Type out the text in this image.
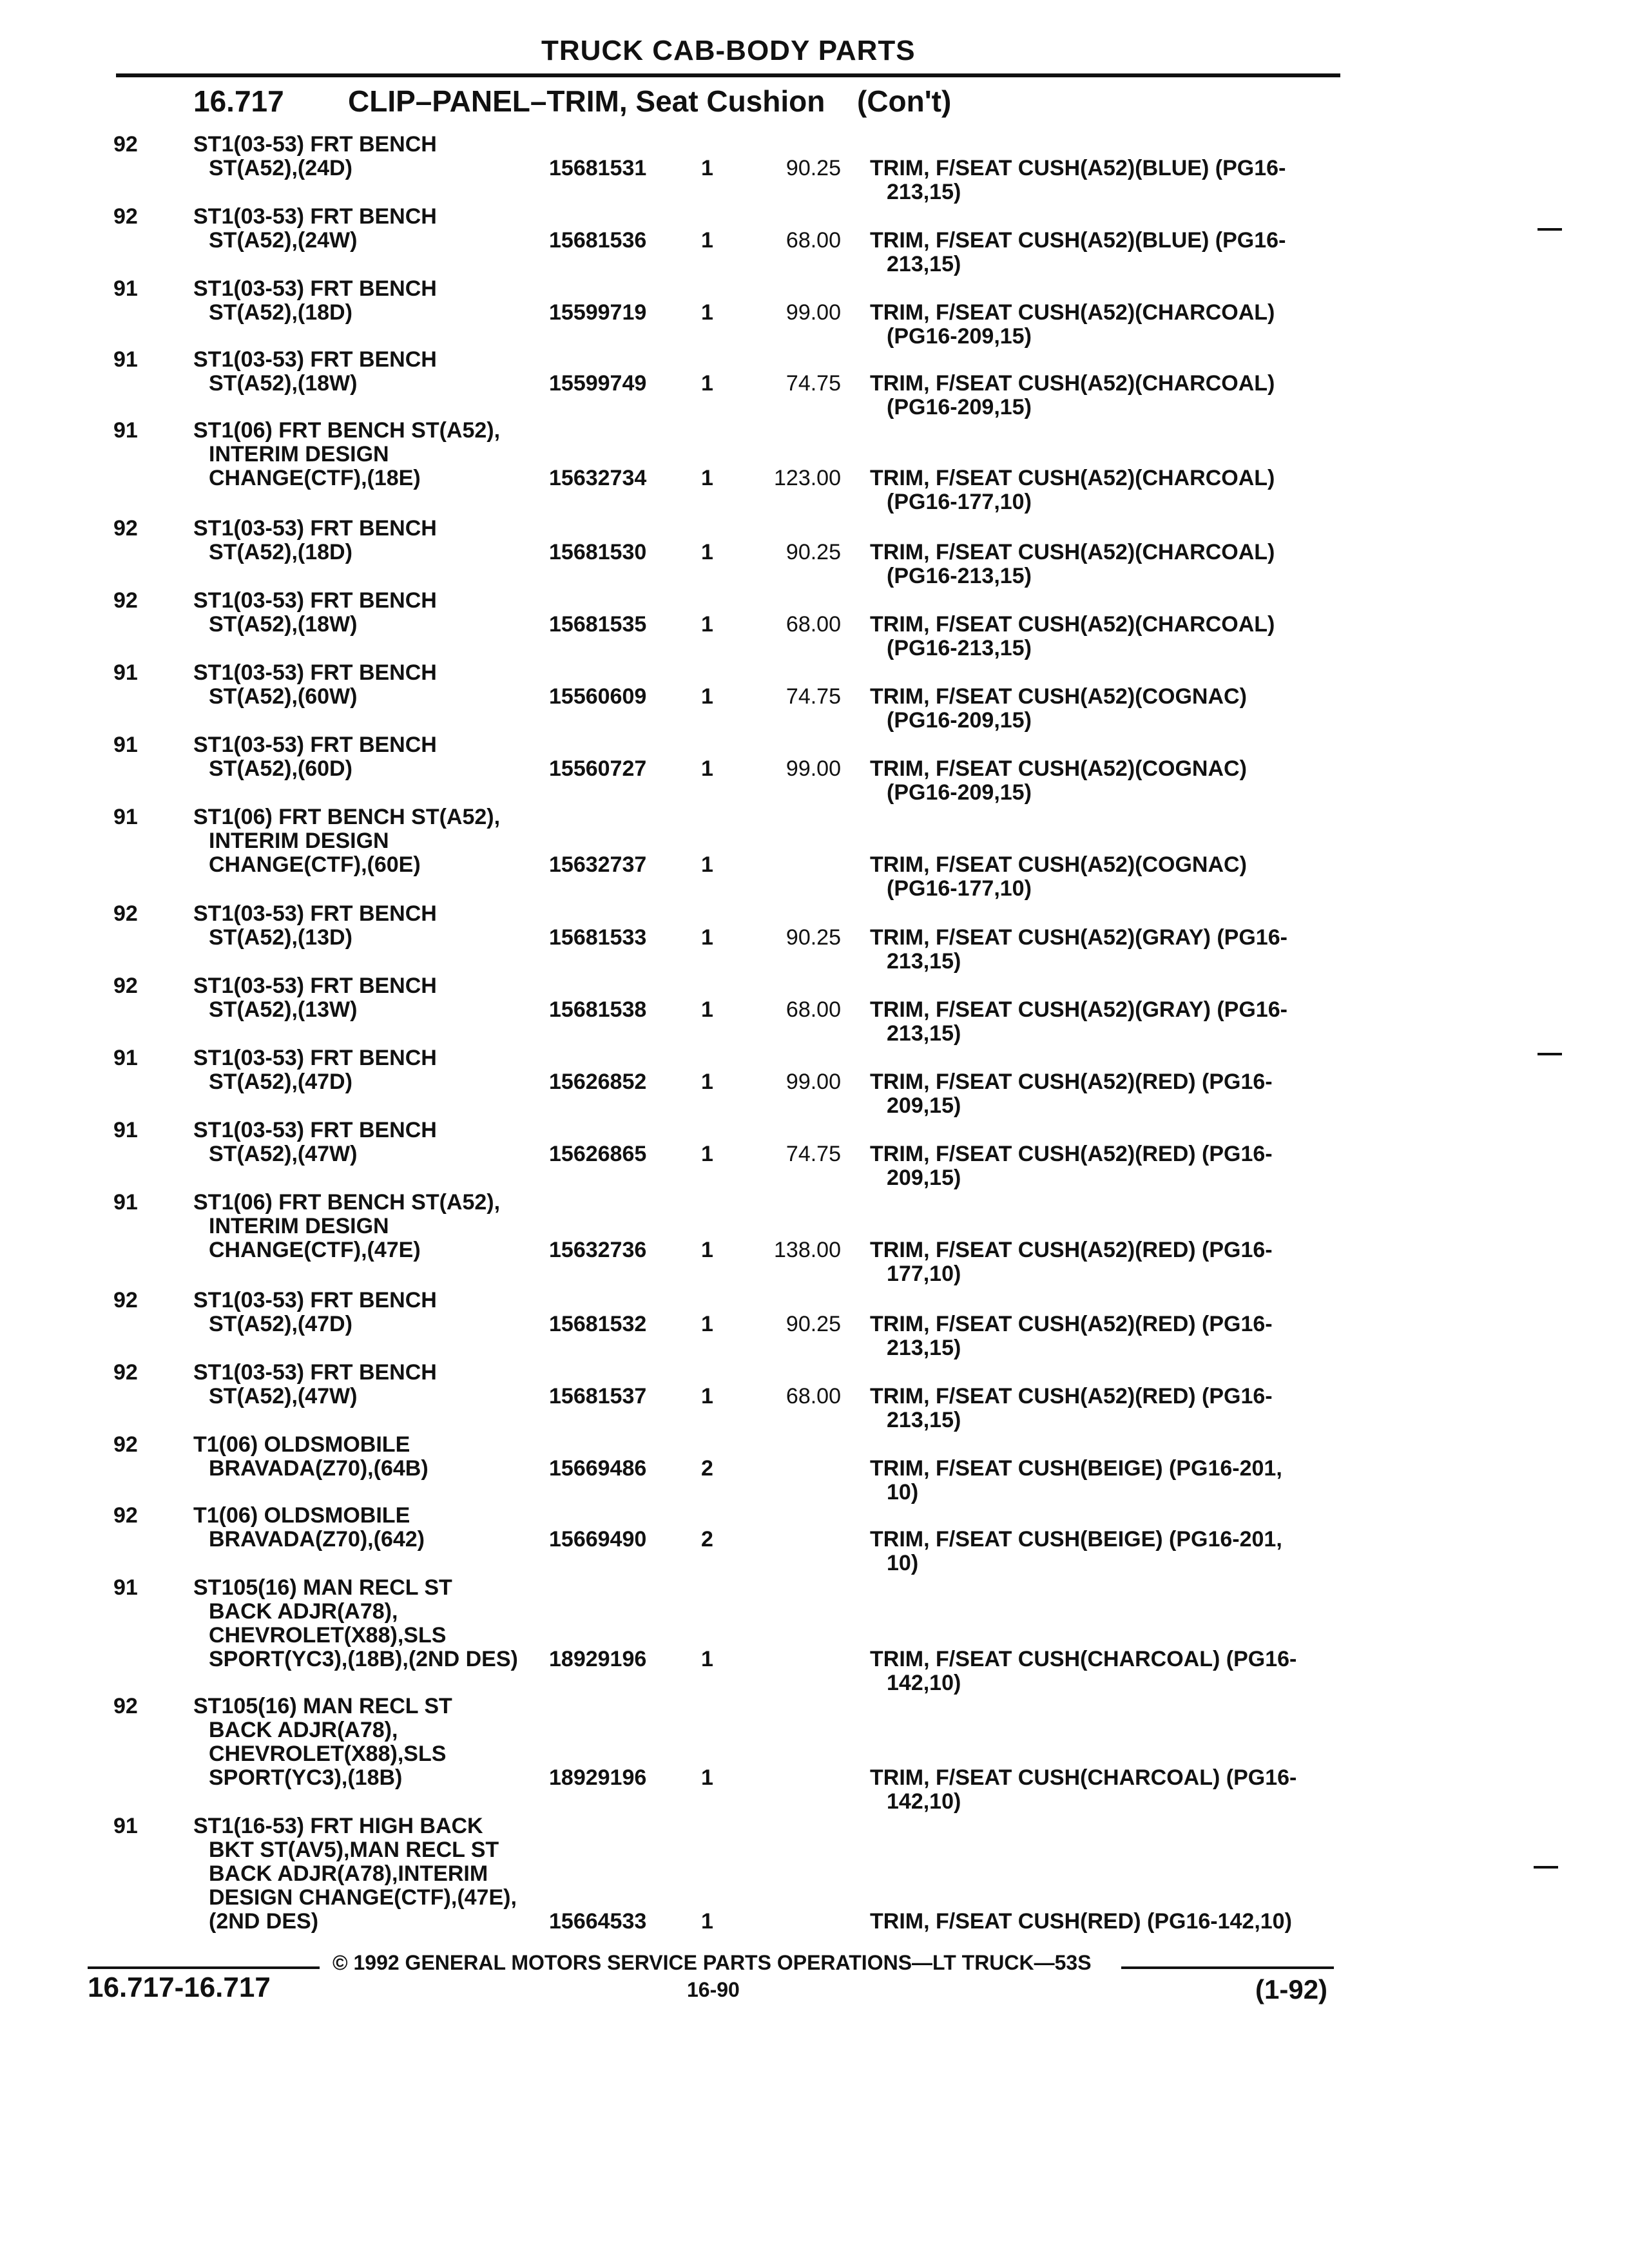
TRUCK CAB-BODY PARTS
16.717 CLIP–PANEL–TRIM, Seat Cushion (Con't)
92	ST1(03-53) FRT BENCH
ST(A52),(24D)	15681531 1	90.25 TRIM, F/SEAT CUSH(A52)(BLUE) (PG16-
213,15)
92	ST1(03-53) FRT BENCH
ST(A52),(24W)	15681536 1	68.00 TRIM, F/SEAT CUSH(A52)(BLUE) (PG16-
213,15)
91	ST1(03-53) FRT BENCH
ST(A52),(18D)	15599719 1	99.00 TRIM, F/SEAT CUSH(A52)(CHARCOAL)
(PG16-209,15)
91	ST1(03-53) FRT BENCH
ST(A52),(18W)	15599749 1	74.75 TRIM, F/SEAT CUSH(A52)(CHARCOAL)
(PG16-209,15)
91	ST1(06) FRT BENCH ST(A52),
INTERIM DESIGN
CHANGE(CTF),(18E)	15632734 1	123.00 TRIM, F/SEAT CUSH(A52)(CHARCOAL)
(PG16-177,10)
92	ST1(03-53) FRT BENCH
ST(A52),(18D)	15681530 1	90.25 TRIM, F/SEAT CUSH(A52)(CHARCOAL)
(PG16-213,15)
92	ST1(03-53) FRT BENCH
ST(A52),(18W)	15681535 1	68.00 TRIM, F/SEAT CUSH(A52)(CHARCOAL)
(PG16-213,15)
91	ST1(03-53) FRT BENCH
ST(A52),(60W)	15560609 1	74.75 TRIM, F/SEAT CUSH(A52)(COGNAC)
(PG16-209,15)
91	ST1(03-53) FRT BENCH
ST(A52),(60D)	15560727 1	99.00 TRIM, F/SEAT CUSH(A52)(COGNAC)
(PG16-209,15)
91	ST1(06) FRT BENCH ST(A52),
INTERIM DESIGN
CHANGE(CTF),(60E)	15632737 1	TRIM, F/SEAT CUSH(A52)(COGNAC)
(PG16-177,10)
92	ST1(03-53) FRT BENCH
ST(A52),(13D)	15681533 1	90.25 TRIM, F/SEAT CUSH(A52)(GRAY) (PG16-
213,15)
92	ST1(03-53) FRT BENCH
ST(A52),(13W)	15681538 1	68.00 TRIM, F/SEAT CUSH(A52)(GRAY) (PG16-
213,15)
91	ST1(03-53) FRT BENCH
ST(A52),(47D)	15626852 1	99.00 TRIM, F/SEAT CUSH(A52)(RED) (PG16-
209,15)
91	ST1(03-53) FRT BENCH
ST(A52),(47W)	15626865 1	74.75 TRIM, F/SEAT CUSH(A52)(RED) (PG16-
209,15)
91	ST1(06) FRT BENCH ST(A52),
INTERIM DESIGN
CHANGE(CTF),(47E)	15632736 1	138.00 TRIM, F/SEAT CUSH(A52)(RED) (PG16-
177,10)
92	ST1(03-53) FRT BENCH
ST(A52),(47D)	15681532 1	90.25 TRIM, F/SEAT CUSH(A52)(RED) (PG16-
213,15)
92	ST1(03-53) FRT BENCH
ST(A52),(47W)	15681537 1	68.00 TRIM, F/SEAT CUSH(A52)(RED) (PG16-
213,15)
92	T1(06) OLDSMOBILE
BRAVADA(Z70),(64B)	15669486 2	TRIM, F/SEAT CUSH(BEIGE) (PG16-201,
10)
92	T1(06) OLDSMOBILE
BRAVADA(Z70),(642)	15669490 2	TRIM, F/SEAT CUSH(BEIGE) (PG16-201,
10)
91	ST105(16) MAN RECL ST
BACK ADJR(A78),
CHEVROLET(X88),SLS
SPORT(YC3),(18B),(2ND DES) 18929196 1	TRIM, F/SEAT CUSH(CHARCOAL) (PG16-
142,10)
92	ST105(16) MAN RECL ST
BACK ADJR(A78),
CHEVROLET(X88),SLS
SPORT(YC3),(18B)	18929196 1	TRIM, F/SEAT CUSH(CHARCOAL) (PG16-
142,10)
91	ST1(16-53) FRT HIGH BACK
BKT ST(AV5),MAN RECL ST
BACK ADJR(A78),INTERIM
DESIGN CHANGE(CTF),(47E),
(2ND DES)	15664533 1	TRIM, F/SEAT CUSH(RED) (PG16-142,10)
© 1992 GENERAL MOTORS SERVICE PARTS OPERATIONS—LT TRUCK—53S
16.717-16.717	16-90	(1-92)
